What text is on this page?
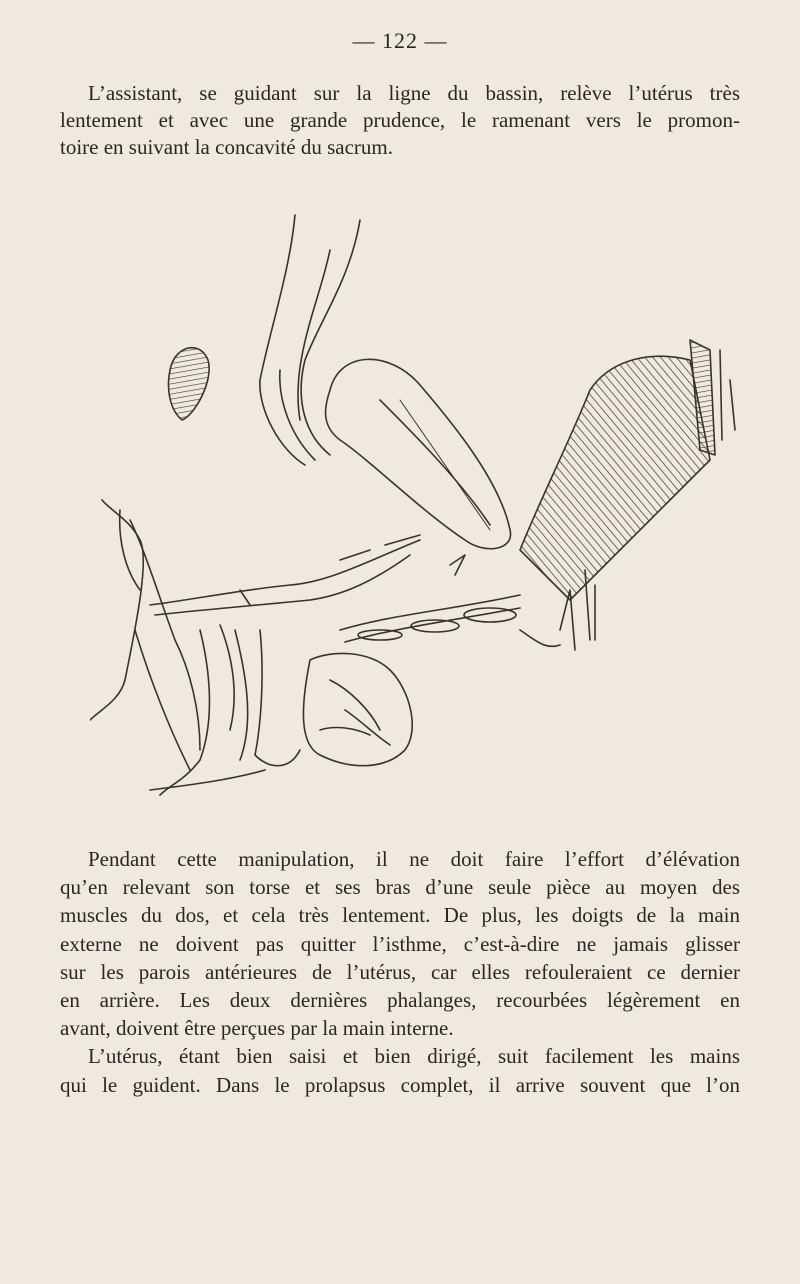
— 122 —

L’assistant, se guidant sur la ligne du bassin, relève l’utérus très
lentement et avec une grande prudence, le ramenant vers le promon-
toire en suivant la concavité du sacrum.

Pendant cette manipulation, il ne doit faire l’effort d’élévation
qu’en relevant son torse et ses bras d’une seule pièce au moyen des
muscles du dos, et cela très lentement. De plus, les doigts de la main
externe ne doivent pas quitter l’isthme, c’est-à-dire ne jamais glisser
sur les parois antérieures de l’utérus, car elles refouleraient ce dernier
en arrière. Les deux dernières phalanges, recourbées légèrement en
avant, doivent être perçues par la main interne.
L’utérus, étant bien saisi et bien dirigé, suit facilement les mains
qui le guident. Dans le prolapsus complet, il arrive souvent que l’on
